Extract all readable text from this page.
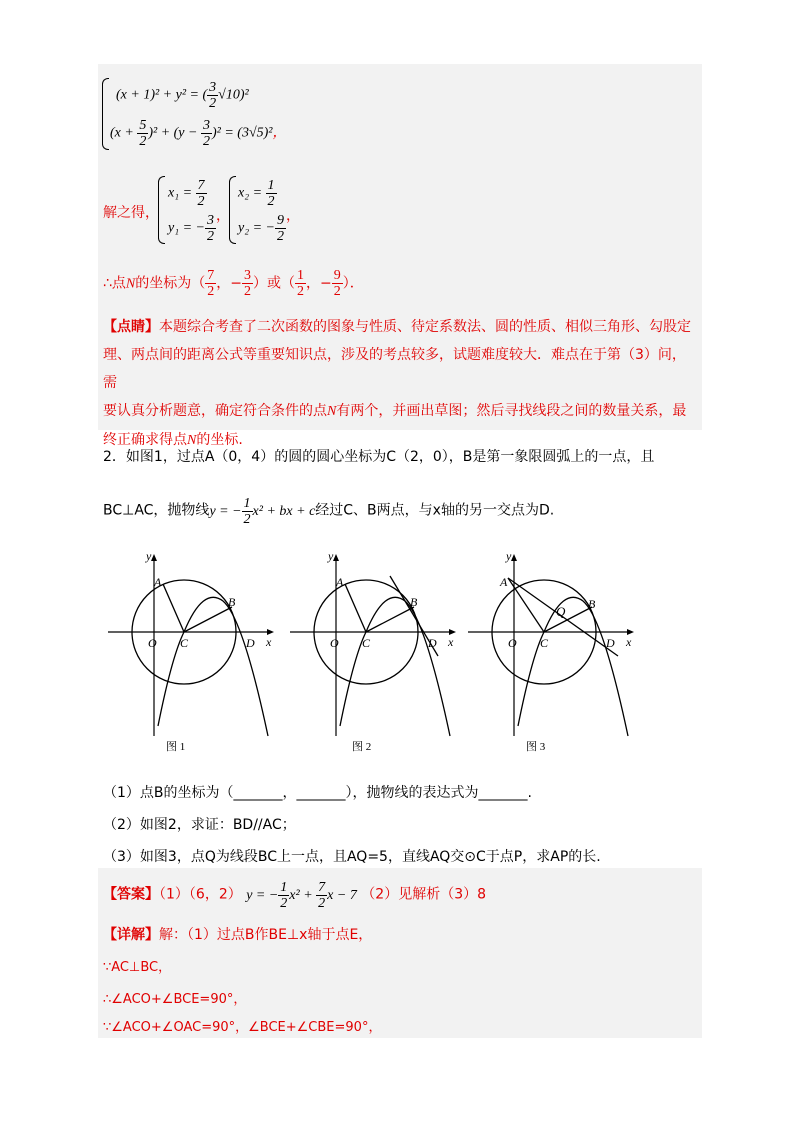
(x + 1)² + y² = ( $\frac{3}{2} √10)^2$
$(x + \frac{5}{2} )^2 + (y - \frac{3}{2} )^2 = (3√5)^2$，
解之得，
$x_1 = \frac{7}{2}$
y₁ = − $\frac{3}{2}$ ，
$x_2 = \frac{1}{2}$
y₂ = − $\frac{9}{2}$ ，
∴点N的坐标为（ $\frac{7}{2}$ ，− $\frac{3}{2}$ ）或（ $\frac{1}{2}$ ，− $\frac{9}{2}$ ）．
【点睛】本题综合考查了二次函数的图象与性质、待定系数法、圆的性质、相似三角形、勾股定
理、两点间的距离公式等重要知识点，涉及的考点较多，试题难度较大．难点在于第（3）问，需
要认真分析题意，确定符合条件的点N有两个，并画出草图；然后寻找线段之间的数量关系，最
终正确求得点N的坐标.
2．如图1，过点A（0，4）的圆的圆心坐标为C（2，0），B是第一象限圆弧上的一点，且
BC⊥AC，抛物线y = − $\frac{1}{2} x^2$ + bx + c经过C、B两点，与x轴的另一交点为D.
y
x
A
B
C
O	D
图 1
y
x
A
B
C
O	D
图 2
y
x
A
B
Q
C
O	D
图 3
（1）点B的坐标为（_______，_______），抛物线的表达式为_______.
（2）如图2，求证：BD//AC；
（3）如图3，点Q为线段BC上一点，且AQ=5，直线AQ交⊙C于点P，求AP的长.
【答案】（1）（6，2） y = − $\frac{1}{2} x^2 + \frac{7}{2}$ x − 7 （2）见解析（3）8
【详解】解：（1）过点B作BE⊥x轴于点E，
∵AC⊥BC，
∴∠ACO+∠BCE=90°，
∵∠ACO+∠OAC=90°，∠BCE+∠CBE=90°，
